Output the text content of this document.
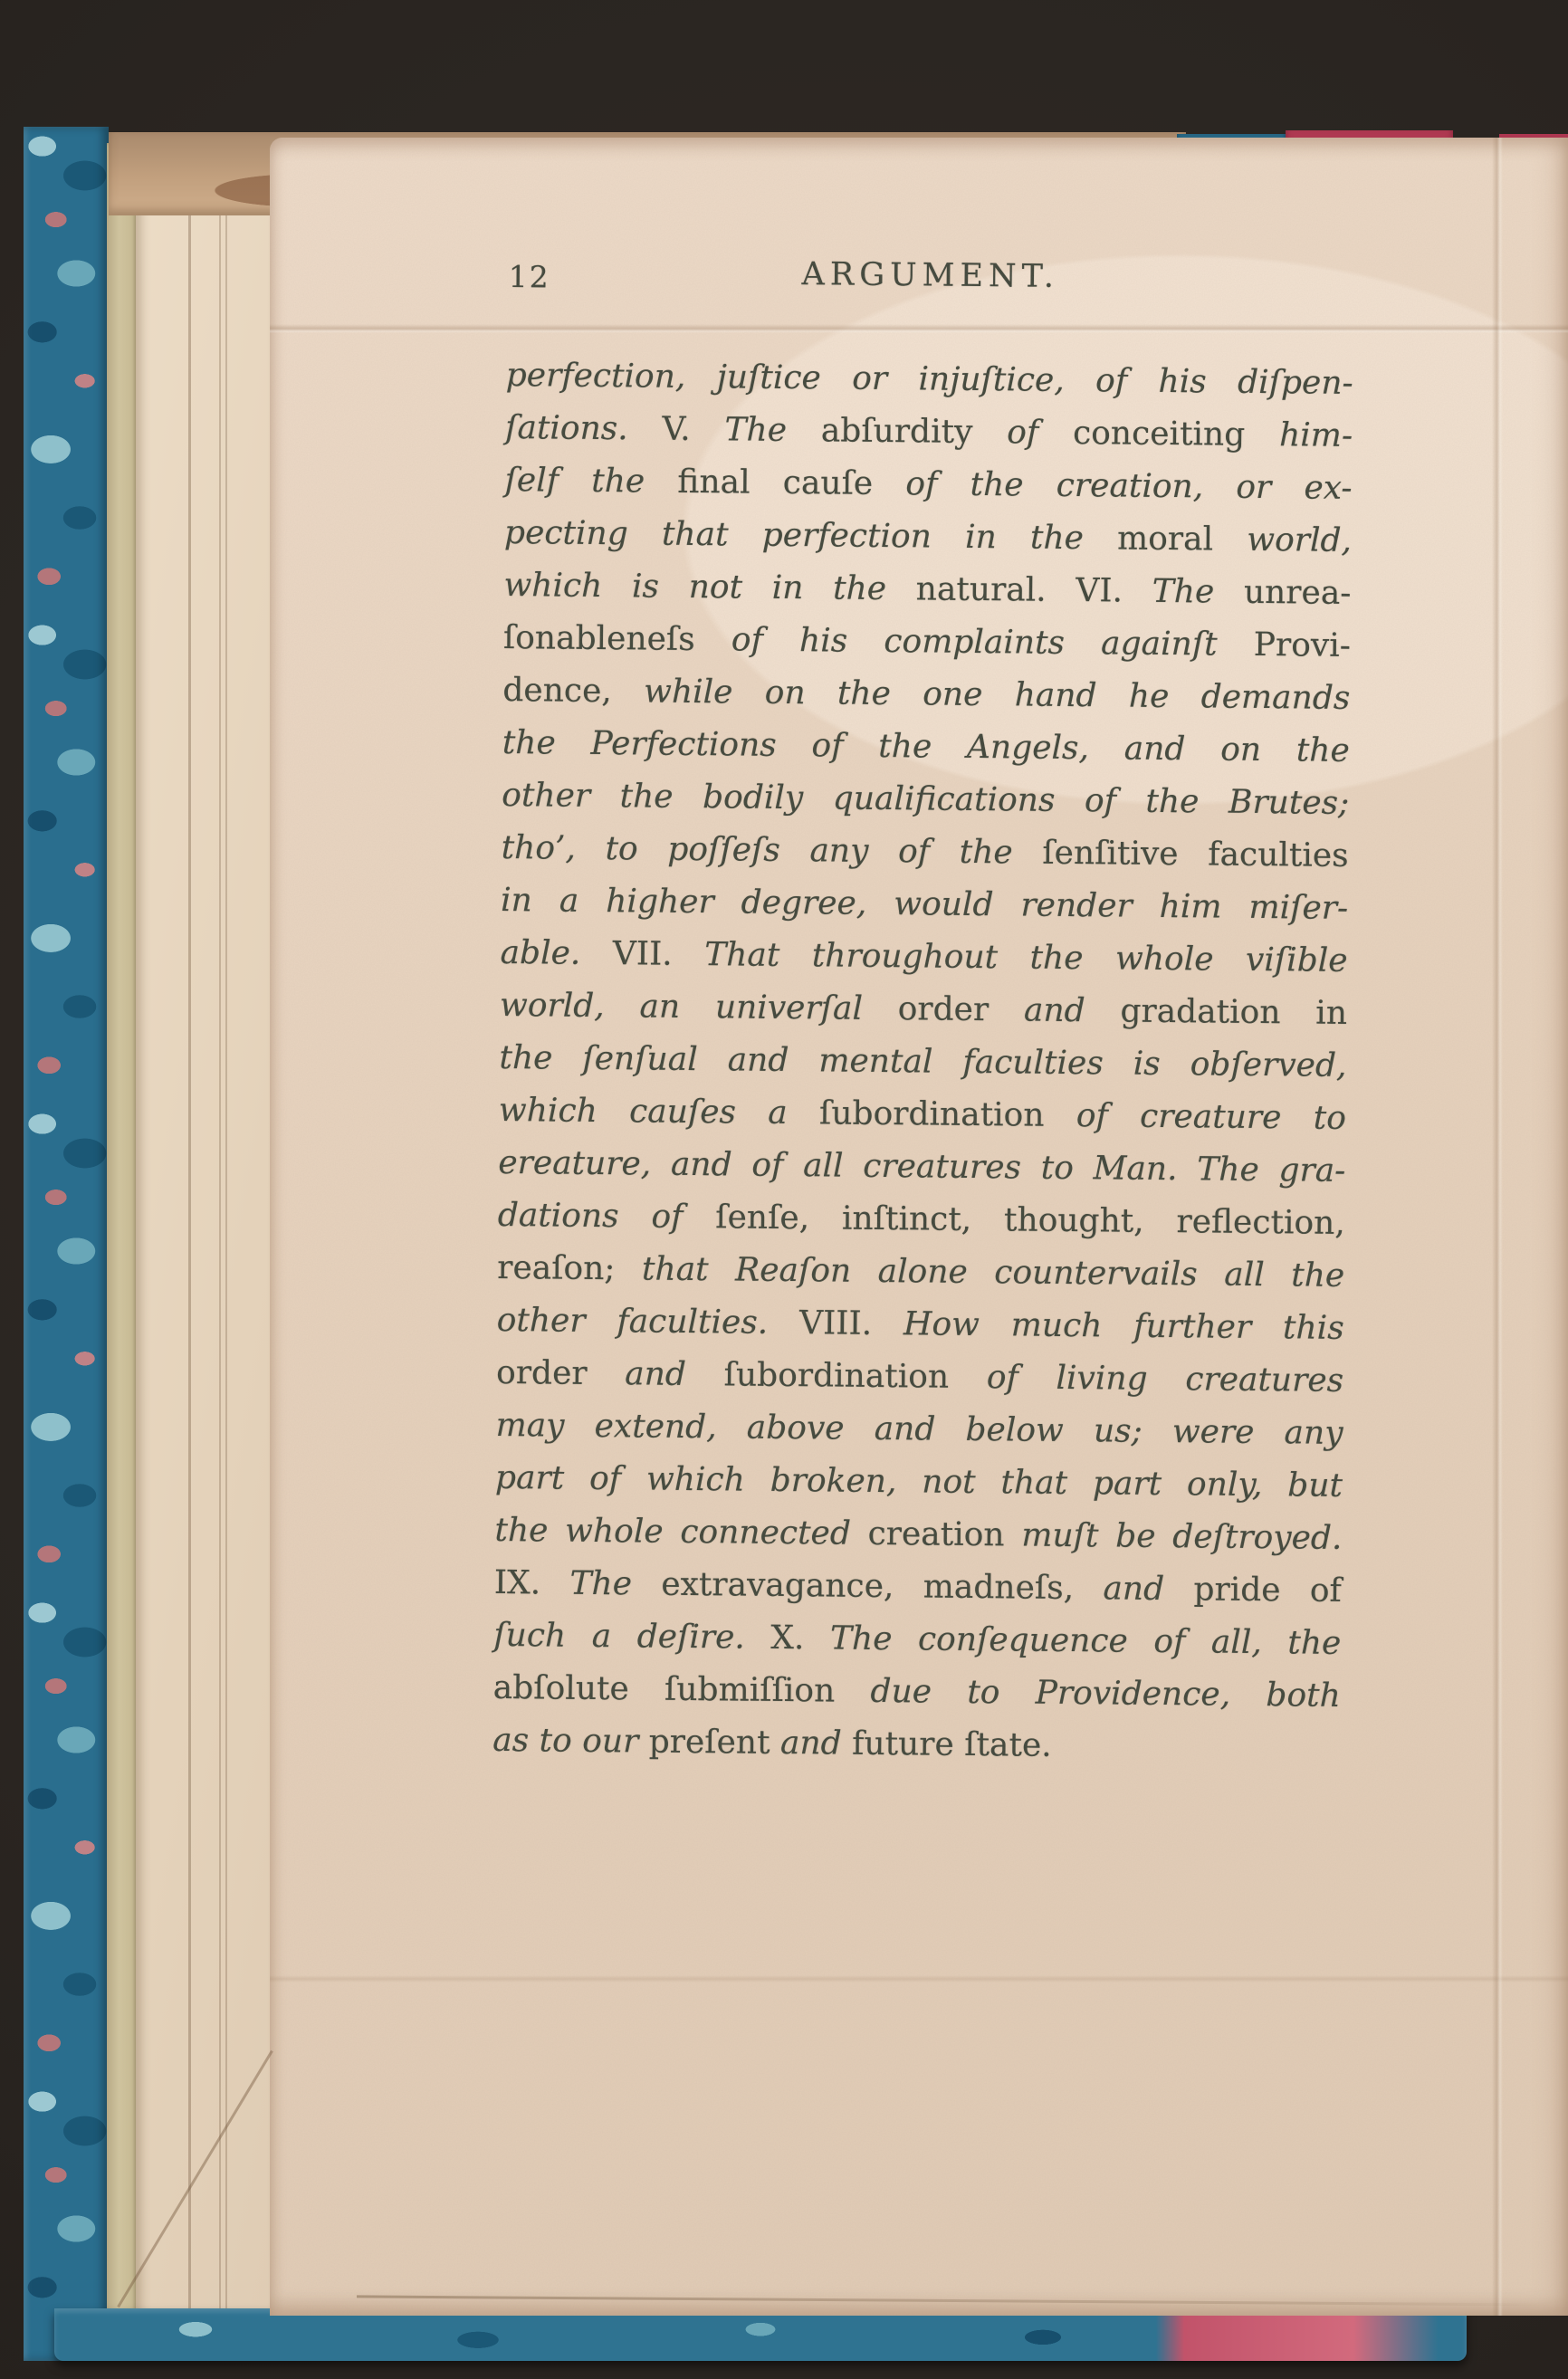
12	ARGUMENT.
perfection, juſtice or injuſtice, of his diſpen-
ſations. V. The abſurdity of conceiting him-
ſelf the final cauſe of the creation, or ex-
pecting that perfection in the moral world,
which is not in the natural. VI. The unrea-
ſonableneſs of his complaints againſt Provi-
dence, while on the one hand he demands
the Perfections of the Angels, and on the
other the bodily qualifications of the Brutes;
tho’, to poſſeſs any of the ſenſitive faculties
in a higher degree, would render him miſer-
able. VII. That throughout the whole viſible
world, an univerſal order and gradation in
the ſenſual and mental faculties is obſerved,
which cauſes a ſubordination of creature to
ereature, and of all creatures to Man. The gra-
dations of ſenſe, inſtinct, thought, reflection,
reaſon; that Reaſon alone countervails all the
other faculties. VIII. How much further this
order and ſubordination of living creatures
may extend, above and below us; were any
part of which broken, not that part only, but
the whole connected creation muſt be deſtroyed.
IX. The extravagance, madneſs, and pride of
ſuch a deſire. X. The conſequence of all, the
abſolute ſubmiſſion due to Providence, both
as to our preſent and future ſtate.
